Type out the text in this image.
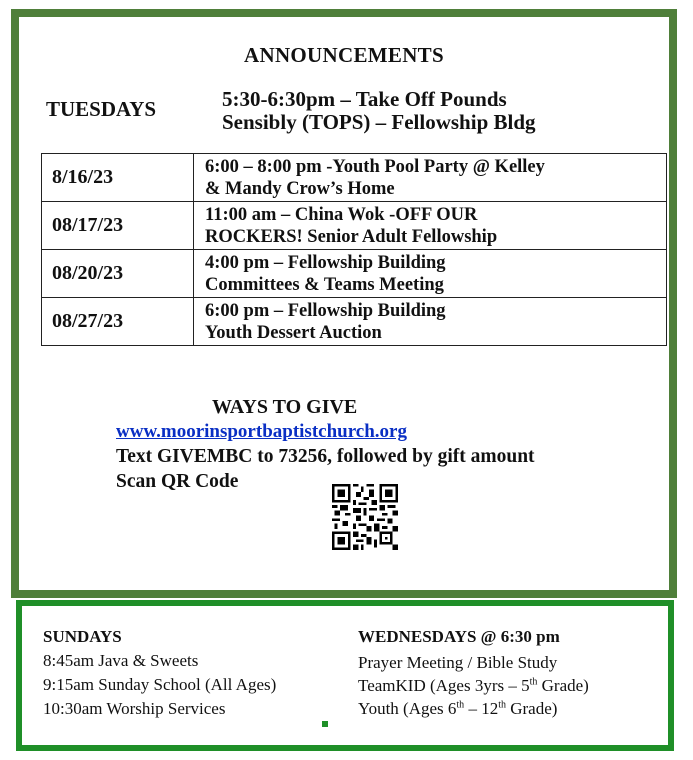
ANNOUNCEMENTS
TUESDAYS	5:30-6:30pm – Take Off Pounds
Sensibly (TOPS) – Fellowship Bldg
8/16/23	6:00 – 8:00 pm -Youth Pool Party @ Kelley
& Mandy Crow’s Home

08/17/23	11:00 am – China Wok -OFF OUR
ROCKERS! Senior Adult Fellowship

08/20/23	4:00 pm – Fellowship Building
Committees & Teams Meeting

08/27/23	6:00 pm – Fellowship Building
Youth Dessert Auction
WAYS TO GIVE
www.moorinsportbaptistchurch.org
Text GIVEMBC to 73256, followed by gift amount
Scan QR Code
SUNDAYS
8:45am Java & Sweets
9:15am Sunday School (All Ages)
10:30am Worship Services
WEDNESDAYS @ 6:30 pm
Prayer Meeting / Bible Study
TeamKID (Ages 3yrs – 5th Grade)
Youth (Ages 6th – 12th Grade)
